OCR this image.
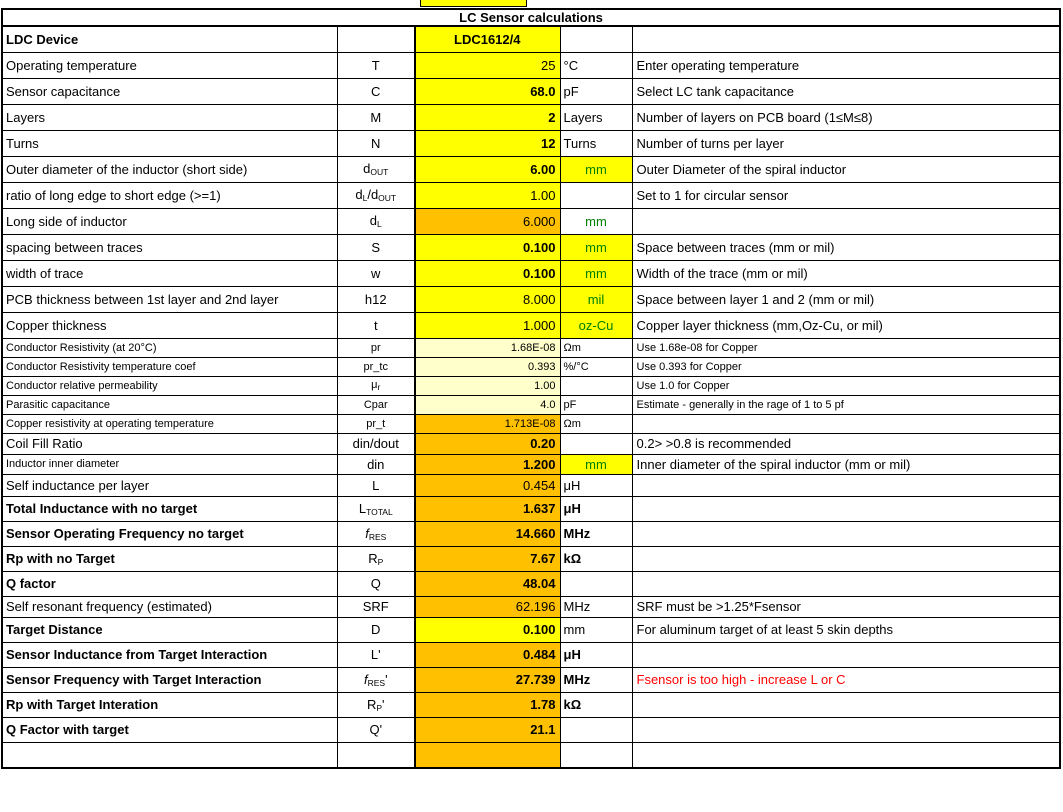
LC Sensor calculations				
LDC Device		LDC1612/4		
Operating temperature	T	25	°C	Enter operating temperature
Sensor capacitance	C	68.0	pF	Select LC tank capacitance
Layers	M	2	Layers	Number of layers on PCB board (1≤M≤8)
Turns	N	12	Turns	Number of turns per layer
Outer diameter of the inductor (short side)	dOUT	6.00	mm	Outer Diameter of the spiral inductor
ratio of long edge to short edge (>=1)	dL/dOUT	1.00		Set to 1 for circular sensor
Long side of inductor	dL	6.000	mm	
spacing between traces	S	0.100	mm	Space between traces (mm or mil)
width of trace	w	0.100	mm	Width of the trace (mm or mil)
PCB thickness between 1st layer and 2nd layer	h12	8.000	mil	Space between layer 1 and 2 (mm or mil)
Copper thickness	t	1.000	oz-Cu	Copper layer thickness (mm,Oz-Cu, or mil)
Conductor Resistivity (at 20°C)	pr	1.68E-08	Ωm	Use 1.68e-08 for Copper
Conductor Resistivity temperature coef	pr_tc	0.393	%/°C	Use 0.393 for Copper
Conductor relative permeability	μr	1.00		Use 1.0 for Copper
Parasitic capacitance	Cpar	4.0	pF	Estimate - generally in the rage of 1 to 5 pf
Copper resistivity at operating temperature	pr_t	1.713E-08	Ωm	
Coil Fill Ratio	din/dout	0.20		0.2> >0.8 is recommended
Inductor inner diameter	din	1.200	mm	Inner diameter of the spiral inductor (mm or mil)
Self inductance per layer	L	0.454	μH	
Total Inductance with no target	LTOTAL	1.637	μH	
Sensor Operating Frequency no target	fRES	14.660	MHz	
Rp with no Target	RP	7.67	kΩ	
Q factor	Q	48.04		
Self resonant frequency (estimated)	SRF	62.196	MHz	SRF must be >1.25*Fsensor
Target Distance	D	0.100	mm	For aluminum target of at least 5 skin depths
Sensor Inductance from Target Interaction	L'	0.484	μH	
Sensor Frequency with Target Interaction	fRES'	27.739	MHz	Fsensor is too high - increase L or C
Rp with Target Interation	RP'	1.78	kΩ	
Q Factor with target	Q'	21.1		
